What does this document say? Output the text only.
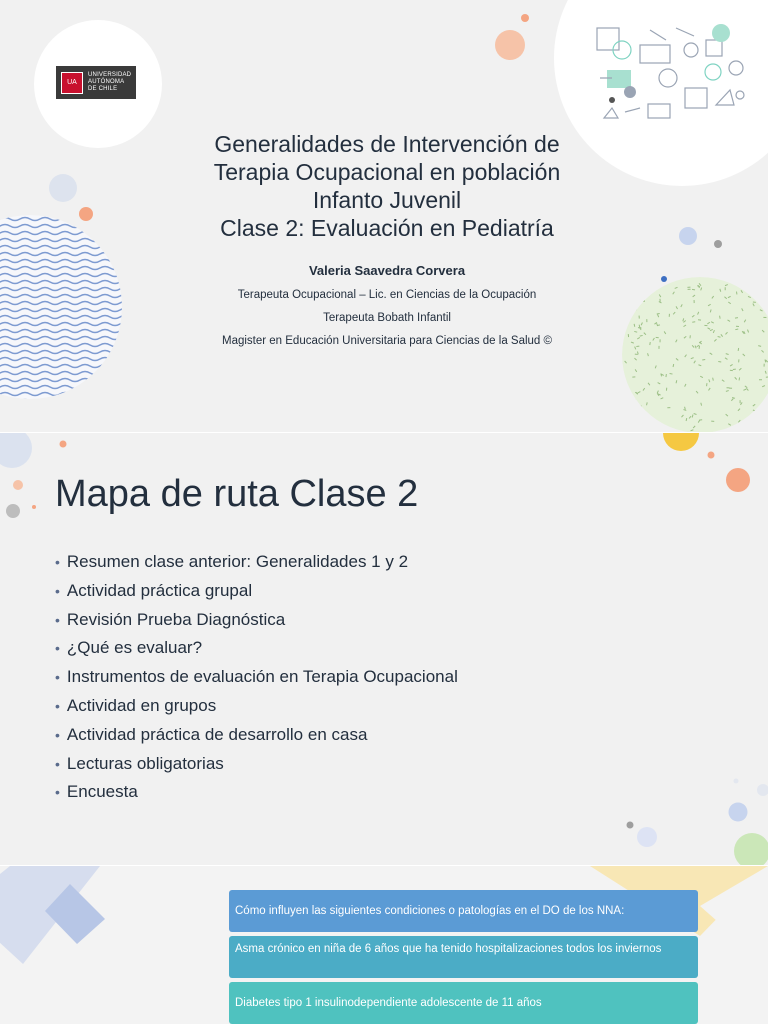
UA
UNIVERSIDAD
AUTÓNOMA
DE CHILE
Generalidades de Intervención de
Terapia Ocupacional en población
Infanto Juvenil
Clase 2: Evaluación en Pediatría
Valeria Saavedra Corvera
Terapeuta Ocupacional – Lic. en Ciencias de la Ocupación
Terapeuta Bobath Infantil
Magister en Educación Universitaria para Ciencias de la Salud ©
Mapa de ruta Clase 2
• Resumen clase anterior: Generalidades 1 y 2
• Actividad práctica grupal
• Revisión Prueba Diagnóstica
• ¿Qué es evaluar?
• Instrumentos de evaluación en Terapia Ocupacional
• Actividad en grupos
• Actividad práctica de desarrollo en casa
• Lecturas obligatorias
• Encuesta
Cómo influyen las siguientes condiciones o patologías en el DO de los NNA:
Asma crónico en niña de 6 años que ha tenido hospitalizaciones todos los inviernos
Diabetes tipo 1 insulinodependiente adolescente de 11 años
